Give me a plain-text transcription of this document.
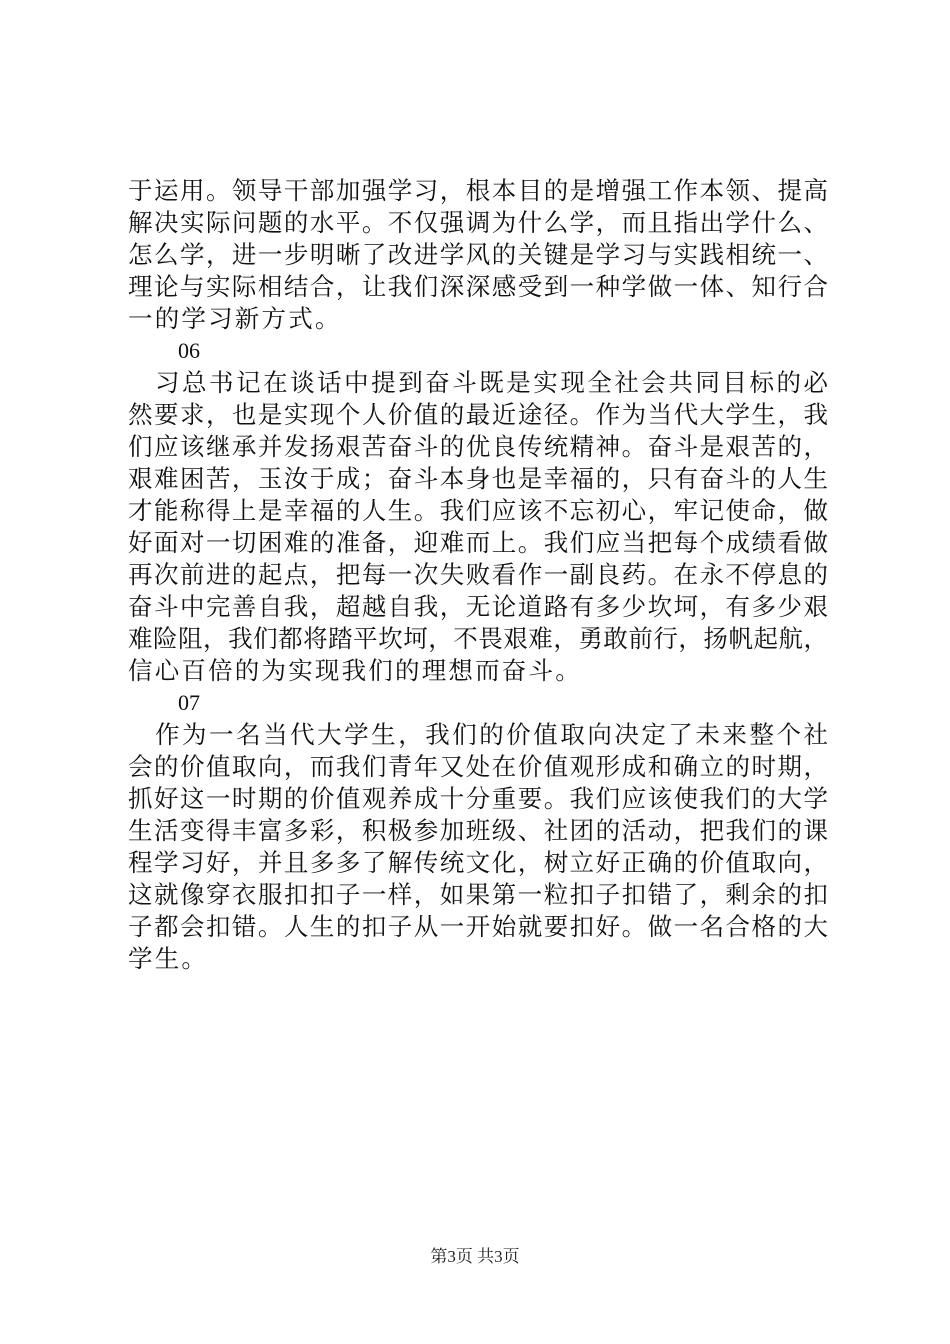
于运用。领导干部加强学习，根本目的是增强工作本领、提高
解决实际问题的水平。不仅强调为什么学，而且指出学什么、
怎么学，进一步明晰了改进学风的关键是学习与实践相统一、
理论与实际相结合，让我们深深感受到一种学做一体、知行合
一的学习新方式。
06
　习总书记在谈话中提到奋斗既是实现全社会共同目标的必
然要求，也是实现个人价值的最近途径。作为当代大学生，我
们应该继承并发扬艰苦奋斗的优良传统精神。奋斗是艰苦的，
艰难困苦，玉汝于成；奋斗本身也是幸福的，只有奋斗的人生
才能称得上是幸福的人生。我们应该不忘初心，牢记使命，做
好面对一切困难的准备，迎难而上。我们应当把每个成绩看做
再次前进的起点，把每一次失败看作一副良药。在永不停息的
奋斗中完善自我，超越自我，无论道路有多少坎坷，有多少艰
难险阻，我们都将踏平坎坷，不畏艰难，勇敢前行，扬帆起航，
信心百倍的为实现我们的理想而奋斗。
07
　作为一名当代大学生，我们的价值取向决定了未来整个社
会的价值取向，而我们青年又处在价值观形成和确立的时期，
抓好这一时期的价值观养成十分重要。我们应该使我们的大学
生活变得丰富多彩，积极参加班级、社团的活动，把我们的课
程学习好，并且多多了解传统文化，树立好正确的价值取向，
这就像穿衣服扣扣子一样，如果第一粒扣子扣错了，剩余的扣
子都会扣错。人生的扣子从一开始就要扣好。做一名合格的大
学生。
第3页 共3页
